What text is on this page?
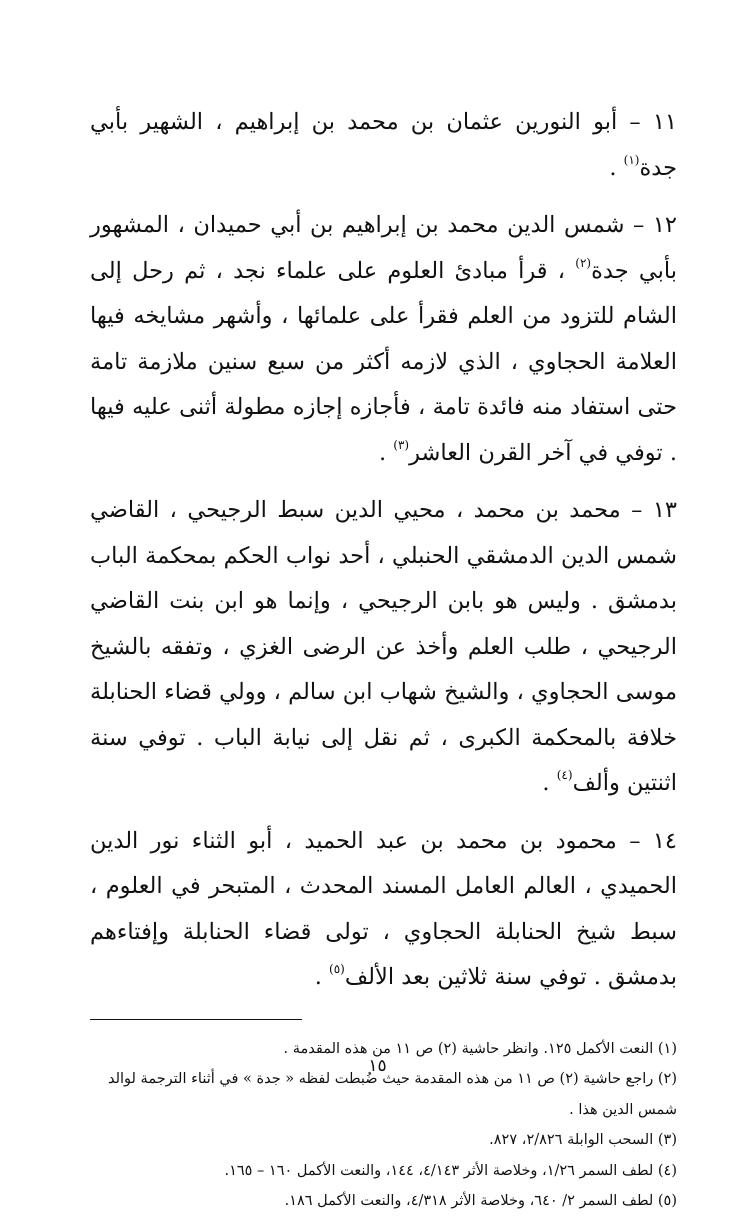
١١ – أبو النورين عثمان بن محمد بن إبراهيم ، الشهير بأبي جدة$^{(١)}$ .

١٢ – شمس الدين محمد بن إبراهيم بن أبي حميدان ، المشهور بأبي جدة$^{(٢)}$ ، قرأ مبادئ العلوم على علماء نجد ، ثم رحل إلى الشام للتزود من العلم فقرأ على علمائها ، وأشهر مشايخه فيها العلامة الحجاوي ، الذي لازمه أكثر من سبع سنين ملازمة تامة حتى استفاد منه فائدة تامة ، فأجازه إجازه مطولة أثنى عليه فيها . توفي في آخر القرن العاشر$^{(٣)}$ .

١٣ – محمد بن محمد ، محيي الدين سبط الرجيحي ، القاضي شمس الدين الدمشقي الحنبلي ، أحد نواب الحكم بمحكمة الباب بدمشق . وليس هو بابن الرجيحي ، وإنما هو ابن بنت القاضي الرجيحي ، طلب العلم وأخذ عن الرضى الغزي ، وتفقه بالشيخ موسى الحجاوي ، والشيخ شهاب ابن سالم ، وولي قضاء الحنابلة خلافة بالمحكمة الكبرى ، ثم نقل إلى نيابة الباب . توفي سنة اثنتين وألف$^{(٤)}$ .

١٤ – محمود بن محمد بن عبد الحميد ، أبو الثناء نور الدين الحميدي ، العالم العامل المسند المحدث ، المتبحر في العلوم ، سبط شيخ الحنابلة الحجاوي ، تولى قضاء الحنابلة وإفتاءهم بدمشق . توفي سنة ثلاثين بعد الألف$^{(٥)}$ .

(١) النعت الأكمل ١٢٥. وانظر حاشية (٢) ص ١١ من هذه المقدمة .
(٢) راجع حاشية (٢) ص ١١ من هذه المقدمة حيث ضُبطت لفظه « جدة » في أثناء الترجمة لوالد شمس الدين هذا .
(٣) السحب الوابلة ٢/٨٢٦، ٨٢٧.
(٤) لطف السمر ١/٢٦، وخلاصة الأثر ٤/١٤٣، ١٤٤، والنعت الأكمل ١٦٠ – ١٦٥.
(٥) لطف السمر ٢/ ٦٤٠، وخلاصة الأثر ٤/٣١٨، والنعت الأكمل ١٨٦.
١٥
